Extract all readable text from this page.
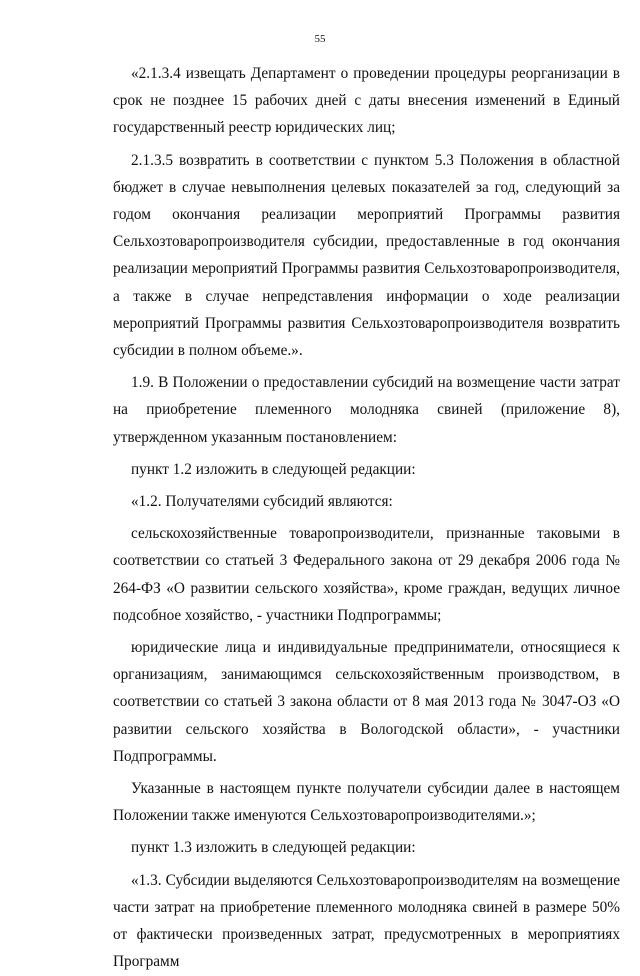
55

«2.1.3.4 извещать Департамент о проведении процедуры реорганизации в срок не позднее 15 рабочих дней с даты внесения изменений в Единый государственный реестр юридических лиц;

2.1.3.5 возвратить в соответствии с пунктом 5.3 Положения в областной бюджет в случае невыполнения целевых показателей за год, следующий за годом окончания реализации мероприятий Программы развития Сельхозтоваропроизводителя субсидии, предоставленные в год окончания реализации мероприятий Программы развития Сельхозтоваропроизводителя, а также в случае непредставления информации о ходе реализации мероприятий Программы развития Сельхозтоваропроизводителя возвратить субсидии в полном объеме.».

1.9. В Положении о предоставлении субсидий на возмещение части затрат на приобретение племенного молодняка свиней (приложение 8), утвержденном указанным постановлением:

пункт 1.2 изложить в следующей редакции:

«1.2. Получателями субсидий являются:

сельскохозяйственные товаропроизводители, признанные таковыми в соответствии со статьей 3 Федерального закона от 29 декабря 2006 года № 264-ФЗ «О развитии сельского хозяйства», кроме граждан, ведущих личное подсобное хозяйство, - участники Подпрограммы;

юридические лица и индивидуальные предприниматели, относящиеся к организациям, занимающимся сельскохозяйственным производством, в соответствии со статьей 3 закона области от 8 мая 2013 года № 3047-ОЗ «О развитии сельского хозяйства в Вологодской области», - участники Подпрограммы.

Указанные в настоящем пункте получатели субсидии далее в настоящем Положении также именуются Сельхозтоваропроизводителями.»;

пункт 1.3 изложить в следующей редакции:

«1.3. Субсидии выделяются Сельхозтоваропроизводителям на возмещение части затрат на приобретение племенного молодняка свиней в размере 50% от фактически произведенных затрат, предусмотренных в мероприятиях Программ
